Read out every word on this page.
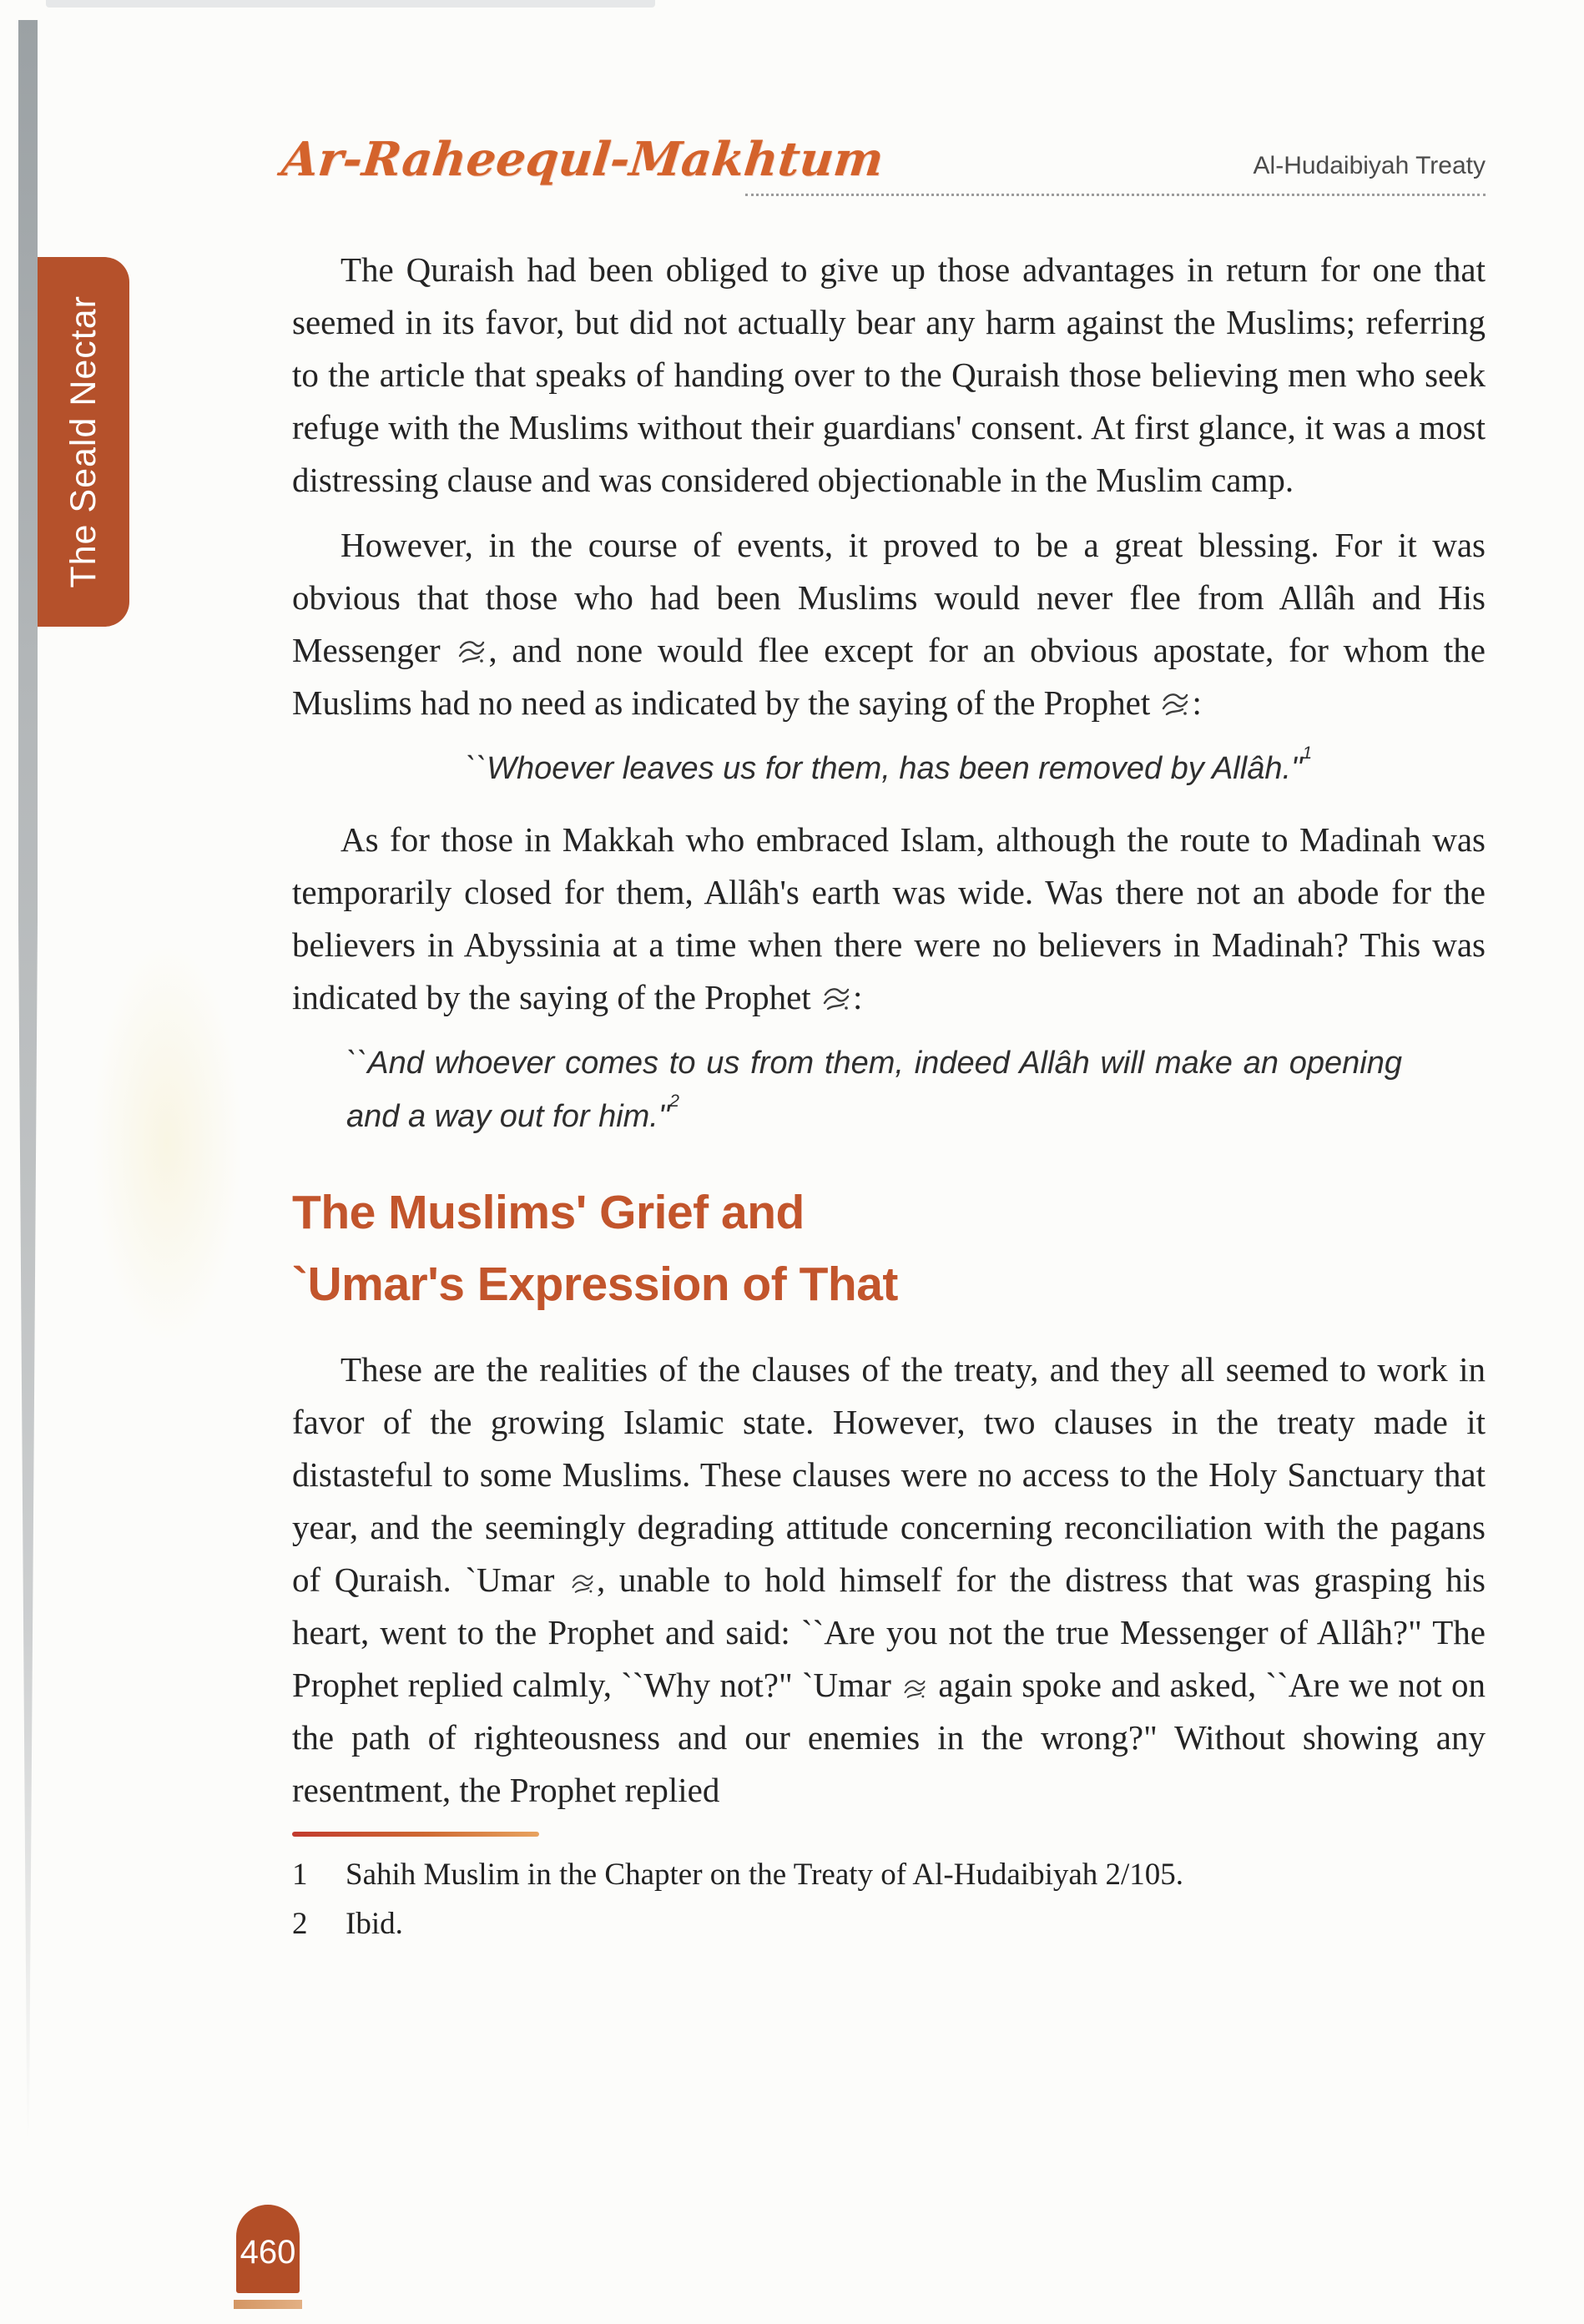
The Seald Nectar
Ar-Raheequl-Makhtum	Al-Hudaibiyah Treaty

The Quraish had been obliged to give up those advantages in return for one that seemed in its favor, but did not actually bear any harm against the Muslims; referring to the article that speaks of handing over to the Quraish those believing men who seek refuge with the Muslims without their guardians' consent. At first glance, it was a most distressing clause and was considered objectionable in the Muslim camp.

However, in the course of events, it proved to be a great blessing. For it was obvious that those who had been Muslims would never flee from Allâh and His Messenger
, and none would flee except for an obvious apostate, for whom the Muslims had no need as indicated by the saying of the Prophet
:

``Whoever leaves us for them, has been removed by Allâh."$^1$

As for those in Makkah who embraced Islam, although the route to Madinah was temporarily closed for them, Allâh's earth was wide. Was there not an abode for the believers in Abyssinia at a time when there were no believers in Madinah? This was indicated by the saying of the Prophet
:

``And whoever comes to us from them, indeed Allâh will make an opening and a way out for him."$^2$

The Muslims' Grief and
`Umar's Expression of That

These are the realities of the clauses of the treaty, and they all seemed to work in favor of the growing Islamic state. However, two clauses in the treaty made it distasteful to some Muslims. These clauses were no access to the Holy Sanctuary that year, and the seemingly degrading attitude concerning reconciliation with the pagans of Quraish. `Umar
, unable to hold himself for the distress that was grasping his heart, went to the Prophet and said: ``Are you not the true Messenger of Allâh?" The Prophet replied calmly, ``Why not?" `Umar
again spoke and asked, ``Are we not on the path of righteousness and our enemies in the wrong?" Without showing any resentment, the Prophet replied

1	Sahih Muslim in the Chapter on the Treaty of Al-Hudaibiyah 2/105.
2	Ibid.
460
